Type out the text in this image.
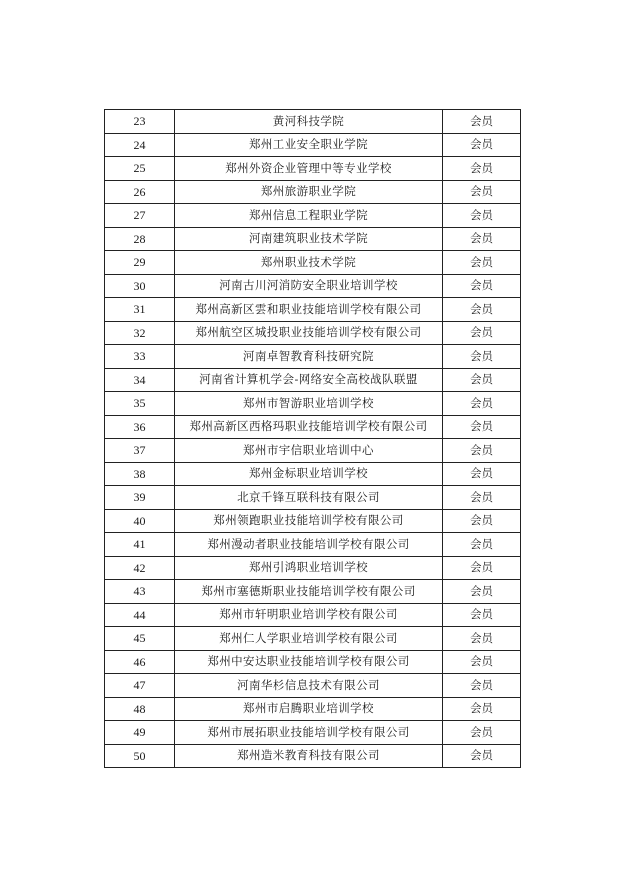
23	黄河科技学院	会员
24	郑州工业安全职业学院	会员
25	郑州外资企业管理中等专业学校	会员
26	郑州旅游职业学院	会员
27	郑州信息工程职业学院	会员
28	河南建筑职业技术学院	会员
29	郑州职业技术学院	会员
30	河南古川河消防安全职业培训学校	会员
31	郑州高新区雲和职业技能培训学校有限公司	会员
32	郑州航空区城投职业技能培训学校有限公司	会员
33	河南卓智教育科技研究院	会员
34	河南省计算机学会-网络安全高校战队联盟	会员
35	郑州市智游职业培训学校	会员
36	郑州高新区西格玛职业技能培训学校有限公司	会员
37	郑州市宇信职业培训中心	会员
38	郑州金标职业培训学校	会员
39	北京千锋互联科技有限公司	会员
40	郑州领跑职业技能培训学校有限公司	会员
41	郑州漫动者职业技能培训学校有限公司	会员
42	郑州引鸿职业培训学校	会员
43	郑州市塞德斯职业技能培训学校有限公司	会员
44	郑州市轩明职业培训学校有限公司	会员
45	郑州仁人学职业培训学校有限公司	会员
46	郑州中安达职业技能培训学校有限公司	会员
47	河南华杉信息技术有限公司	会员
48	郑州市启腾职业培训学校	会员
49	郑州市展拓职业技能培训学校有限公司	会员
50	郑州造米教育科技有限公司	会员
